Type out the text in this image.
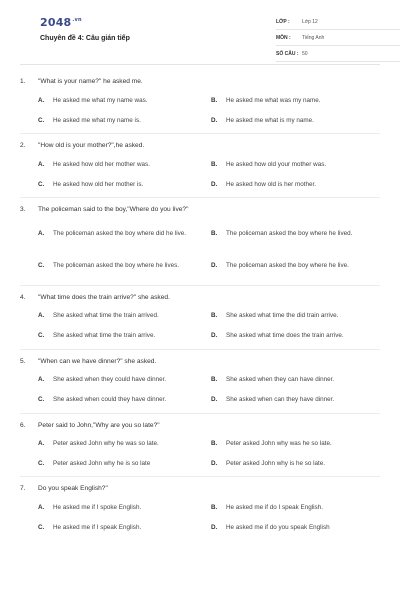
$2048^{.vn}$
Chuyên đề 4: Câu gián tiếp
LỚP :	Lớp 12
MÔN :	Tiếng Anh
SỐ CÂU : 50
1.	"What is your name?" he asked me.
A.	He asked me what my name was.	B.	He asked me what was my name.
C.	He asked me what my name is.	D.	He asked me what is my name.
2.	"How old is your mother?",he asked.
A.	He asked how old her mother was.	B.	He asked how old your mother was.
C.	He asked how old her mother is.	D.	He asked how old is her mother.
3.	The policeman said to the boy,"Where do you live?"
A.	The policeman asked the boy where did he live.	B.	The policeman asked the boy where he lived.
C.	The policeman asked the boy where he lives.	D.	The policeman asked the boy where he live.
4.	"What time does the train arrive?" she asked.
A.	She asked what time the train arrived.	B.	She asked what time the did train arrive.
C.	She asked what time the train arrive.	D.	She asked what time does the train arrive.
5.	"When can we have dinner?" she asked.
A.	She asked when they could have dinner.	B.	She asked when they can have dinner.
C.	She asked when could they have dinner.	D.	She asked when can they have dinner.
6.	Peter said to John,"Why are you so late?"
A.	Peter asked John why he was so late.	B.	Peter asked John why was he so late.
C.	Peter asked John why he is so late	D.	Peter asked John why is he so late.
7.	Do you speak English?"
A.	He asked me if I spoke English.	B.	He asked me if do I speak English.
C.	He asked me if I speak English.	D.	He asked me if do you speak English
